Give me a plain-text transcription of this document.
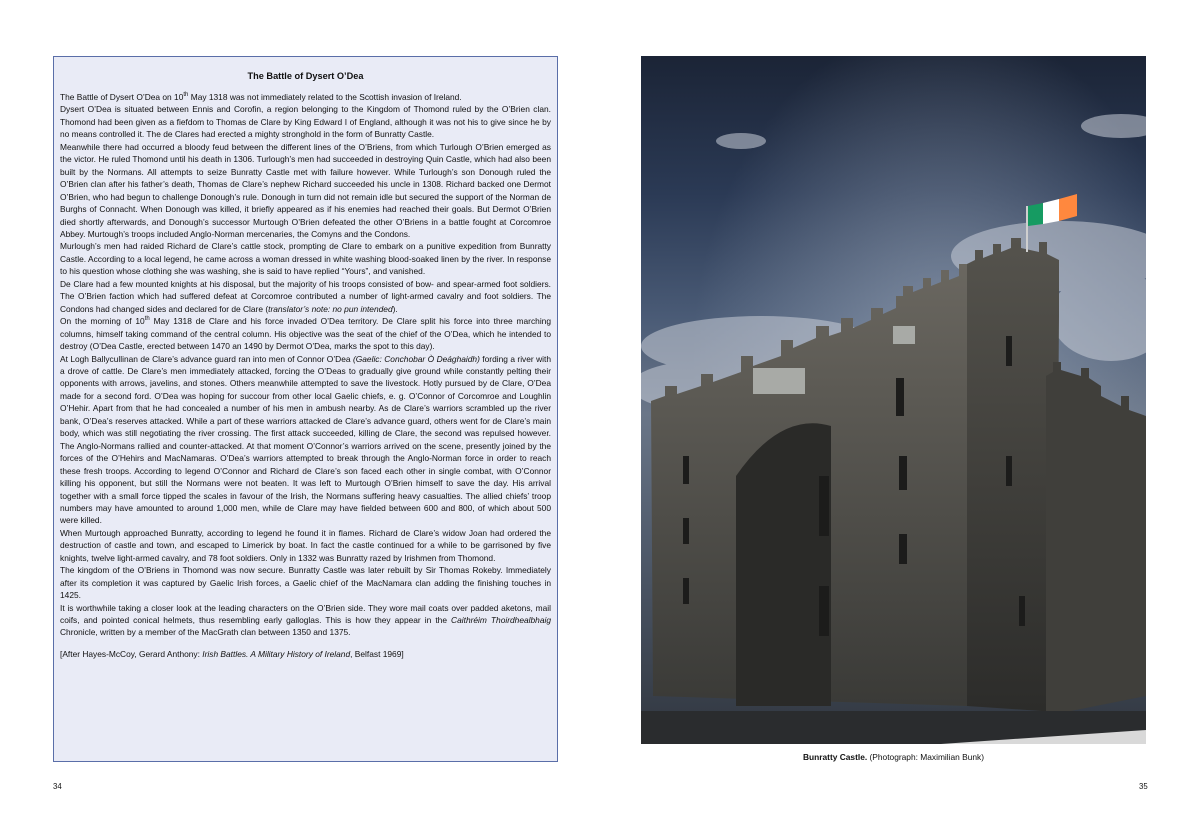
The Battle of Dysert O’Dea

The Battle of Dysert O’Dea on 10th May 1318 was not immediately related to the Scottish invasion of Ireland.

Dysert O’Dea is situated between Ennis and Corofin, a region belonging to the Kingdom of Thomond ruled by the O’Brien clan. Thomond had been given as a fiefdom to Thomas de Clare by King Edward I of England, although it was not his to give since he by no means controlled it. The de Clares had erected a mighty stronghold in the form of Bunratty Castle.

Meanwhile there had occurred a bloody feud between the different lines of the O’Briens, from which Turlough O’Brien emerged as the victor. He ruled Thomond until his death in 1306. Turlough’s men had succeeded in destroying Quin Castle, which had also been built by the Normans. All attempts to seize Bunratty Castle met with failure however. While Turlough’s son Donough ruled the O’Brien clan after his father’s death, Thomas de Clare’s nephew Richard succeeded his uncle in 1308. Richard backed one Dermot O’Brien, who had begun to challenge Donough’s rule. Donough in turn did not remain idle but secured the support of the Norman de Burghs of Connacht. When Donough was killed, it briefly appeared as if his enemies had reached their goals. But Dermot O’Brien died shortly afterwards, and Donough’s successor Murtough O’Brien defeated the other O’Briens in a battle fought at Corcomroe Abbey. Murtough’s troops included Anglo-Norman mercenaries, the Comyns and the Condons.

Murlough’s men had raided Richard de Clare’s cattle stock, prompting de Clare to embark on a punitive expedition from Bunratty Castle. According to a local legend, he came across a woman dressed in white washing blood-soaked linen by the river. In response to his question whose clothing she was washing, she is said to have replied “Yours”, and vanished.

De Clare had a few mounted knights at his disposal, but the majority of his troops consisted of bow- and spear-armed foot soldiers. The O’Brien faction which had suffered defeat at Corcomroe contributed a number of light-armed cavalry and foot soldiers. The Condons had changed sides and declared for de Clare (translator’s note: no pun intended).

On the morning of 10th May 1318 de Clare and his force invaded O’Dea territory. De Clare split his force into three marching columns, himself taking command of the central column. His objective was the seat of the chief of the O’Dea, which he intended to destroy (O’Dea Castle, erected between 1470 an 1490 by Dermot O’Dea, marks the spot to this day).

At Logh Ballycullinan de Clare’s advance guard ran into men of Connor O’Dea (Gaelic: Conchobar Ò Deághaidh) fording a river with a drove of cattle. De Clare’s men immediately attacked, forcing the O’Deas to gradually give ground while constantly pelting their opponents with arrows, javelins, and stones. Others meanwhile attempted to save the livestock. Hotly pursued by de Clare, O’Dea made for a second ford. O’Dea was hoping for succour from other local Gaelic chiefs, e. g. O’Connor of Corcomroe and Loughlin O’Hehir. Apart from that he had concealed a number of his men in ambush nearby. As de Clare’s warriors scrambled up the river bank, O’Dea’s reserves attacked. While a part of these warriors attacked de Clare’s advance guard, others went for de Clare’s main body, which was still negotiating the river crossing. The first attack succeeded, killing de Clare, the second was repulsed however. The Anglo-Normans rallied and counter-attacked. At that moment O’Connor’s warriors arrived on the scene, presently joined by the forces of the O’Hehirs and MacNamaras. O’Dea’s warriors attempted to break through the Anglo-Norman force in order to reach these fresh troops. According to legend O’Connor and Richard de Clare’s son faced each other in single combat, with O’Connor killing his opponent, but still the Normans were not beaten. It was left to Murtough O’Brien himself to save the day. His arrival together with a small force tipped the scales in favour of the Irish, the Normans suffering heavy casualties. The allied chiefs’ troop numbers may have amounted to around 1,000 men, while de Clare may have fielded between 600 and 800, of which about 500 were killed.

When Murtough approached Bunratty, according to legend he found it in flames. Richard de Clare’s widow Joan had ordered the destruction of castle and town, and escaped to Limerick by boat. In fact the castle continued for a while to be garrisoned by five knights, twelve light-armed cavalry, and 78 foot soldiers. Only in 1332 was Bunratty razed by Irishmen from Thomond.

The kingdom of the O’Briens in Thomond was now secure. Bunratty Castle was later rebuilt by Sir Thomas Rokeby. Immediately after its completion it was captured by Gaelic Irish forces, a Gaelic chief of the MacNamara clan adding the finishing touches in 1425.

It is worthwhile taking a closer look at the leading characters on the O’Brien side. They wore mail coats over padded aketons, mail coifs, and pointed conical helmets, thus resembling early galloglas. This is how they appear in the Caithréim Thoirdhealbhaig Chronicle, written by a member of the MacGrath clan between 1350 and 1375.

[After Hayes-McCoy, Gerard Anthony: Irish Battles. A Military History of Ireland, Belfast 1969]

Bunratty Castle. (Photograph: Maximilian Bunk)
34	35
